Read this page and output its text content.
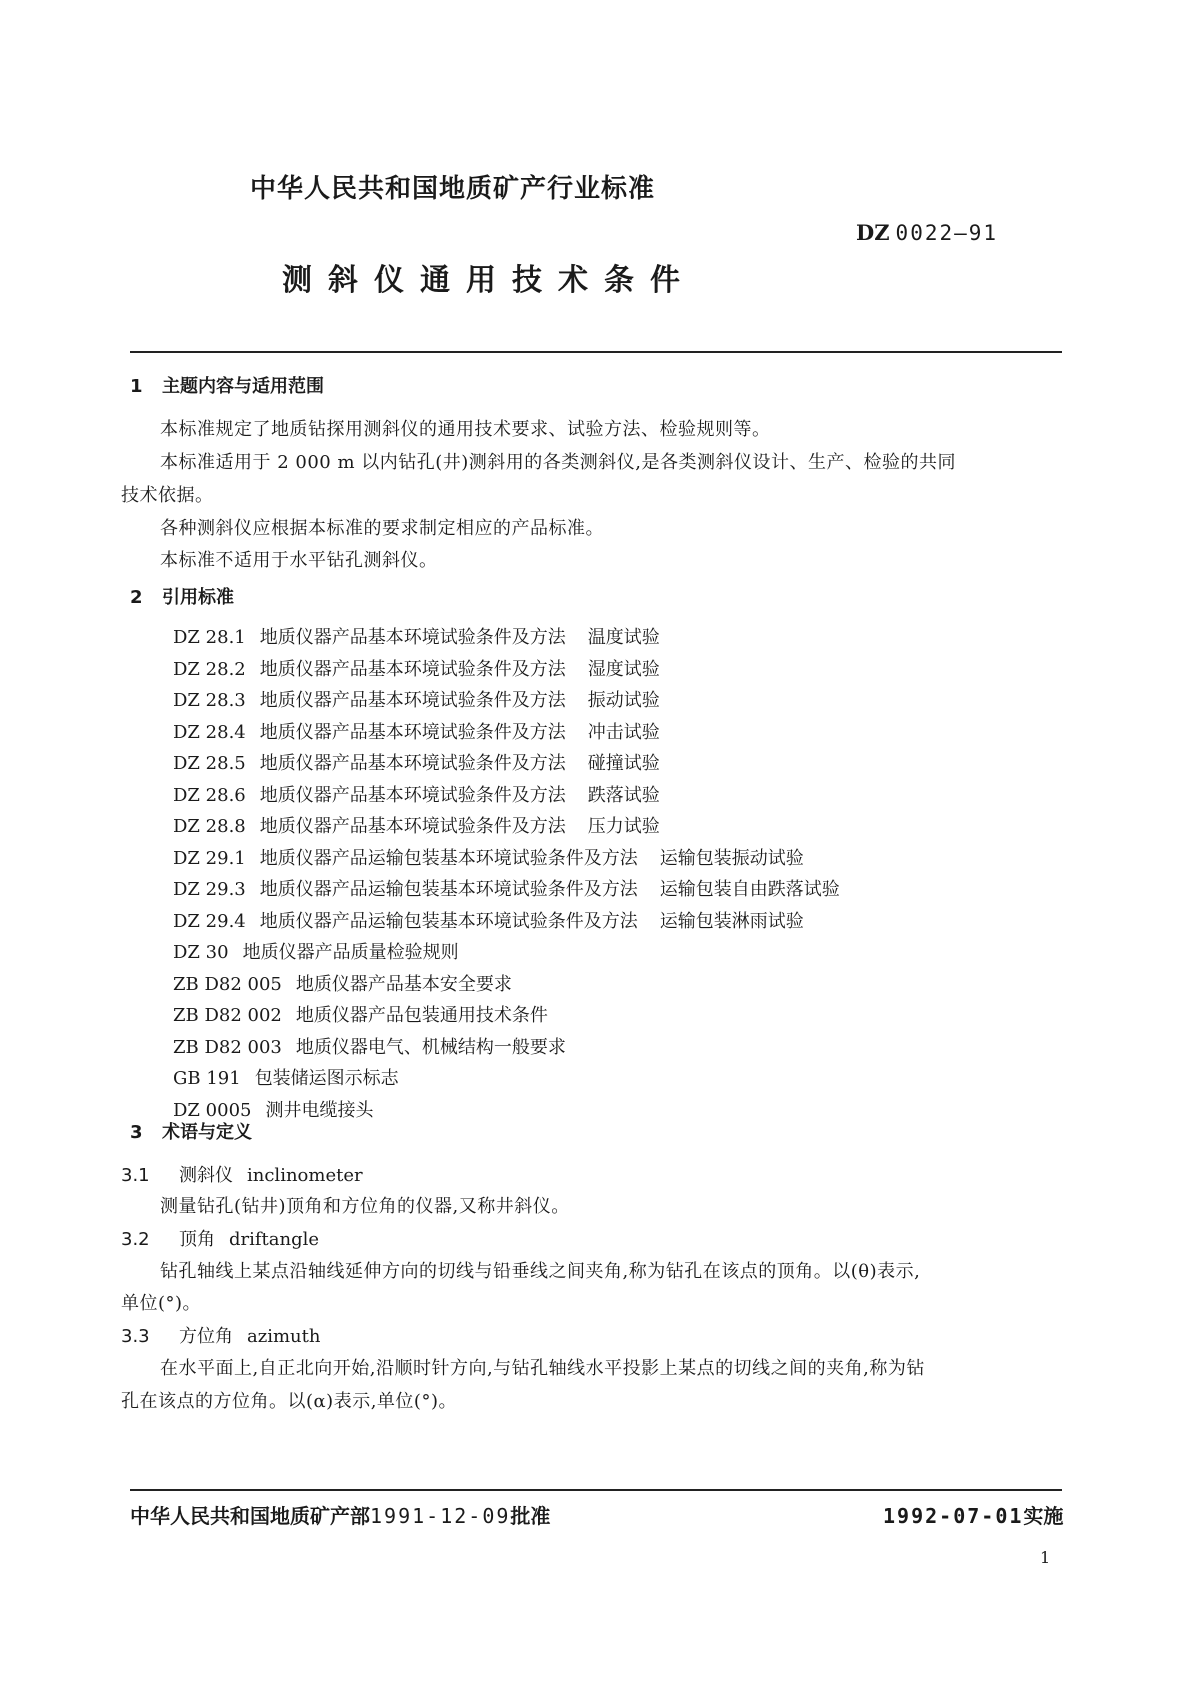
中华人民共和国地质矿产行业标准
DZ 0022—91
测斜仪通用技术条件
1 主题内容与适用范围
本标准规定了地质钻探用测斜仪的通用技术要求、试验方法、检验规则等。
本标准适用于 2 000 m 以内钻孔(井)测斜用的各类测斜仪,是各类测斜仪设计、生产、检验的共同
技术依据。
各种测斜仪应根据本标准的要求制定相应的产品标准。
本标准不适用于水平钻孔测斜仪。
2 引用标准
DZ 28.1 地质仪器产品基本环境试验条件及方法 温度试验
DZ 28.2 地质仪器产品基本环境试验条件及方法 湿度试验
DZ 28.3 地质仪器产品基本环境试验条件及方法 振动试验
DZ 28.4 地质仪器产品基本环境试验条件及方法 冲击试验
DZ 28.5 地质仪器产品基本环境试验条件及方法 碰撞试验
DZ 28.6 地质仪器产品基本环境试验条件及方法 跌落试验
DZ 28.8 地质仪器产品基本环境试验条件及方法 压力试验
DZ 29.1 地质仪器产品运输包装基本环境试验条件及方法 运输包装振动试验
DZ 29.3 地质仪器产品运输包装基本环境试验条件及方法 运输包装自由跌落试验
DZ 29.4 地质仪器产品运输包装基本环境试验条件及方法 运输包装淋雨试验
DZ 30 地质仪器产品质量检验规则
ZB D82 005 地质仪器产品基本安全要求
ZB D82 002 地质仪器产品包装通用技术条件
ZB D82 003 地质仪器电气、机械结构一般要求
GB 191 包装储运图示标志
DZ 0005 测井电缆接头
3 术语与定义
3.1 测斜仪 inclinometer
测量钻孔(钻井)顶角和方位角的仪器,又称井斜仪。
3.2 顶角 driftangle
钻孔轴线上某点沿轴线延伸方向的切线与铅垂线之间夹角,称为钻孔在该点的顶角。以(θ)表示,
单位(°)。
3.3 方位角 azimuth
在水平面上,自正北向开始,沿顺时针方向,与钻孔轴线水平投影上某点的切线之间的夹角,称为钻
孔在该点的方位角。以(α)表示,单位(°)。
中华人民共和国地质矿产部1991-12-09批准	1992-07-01实施
1
